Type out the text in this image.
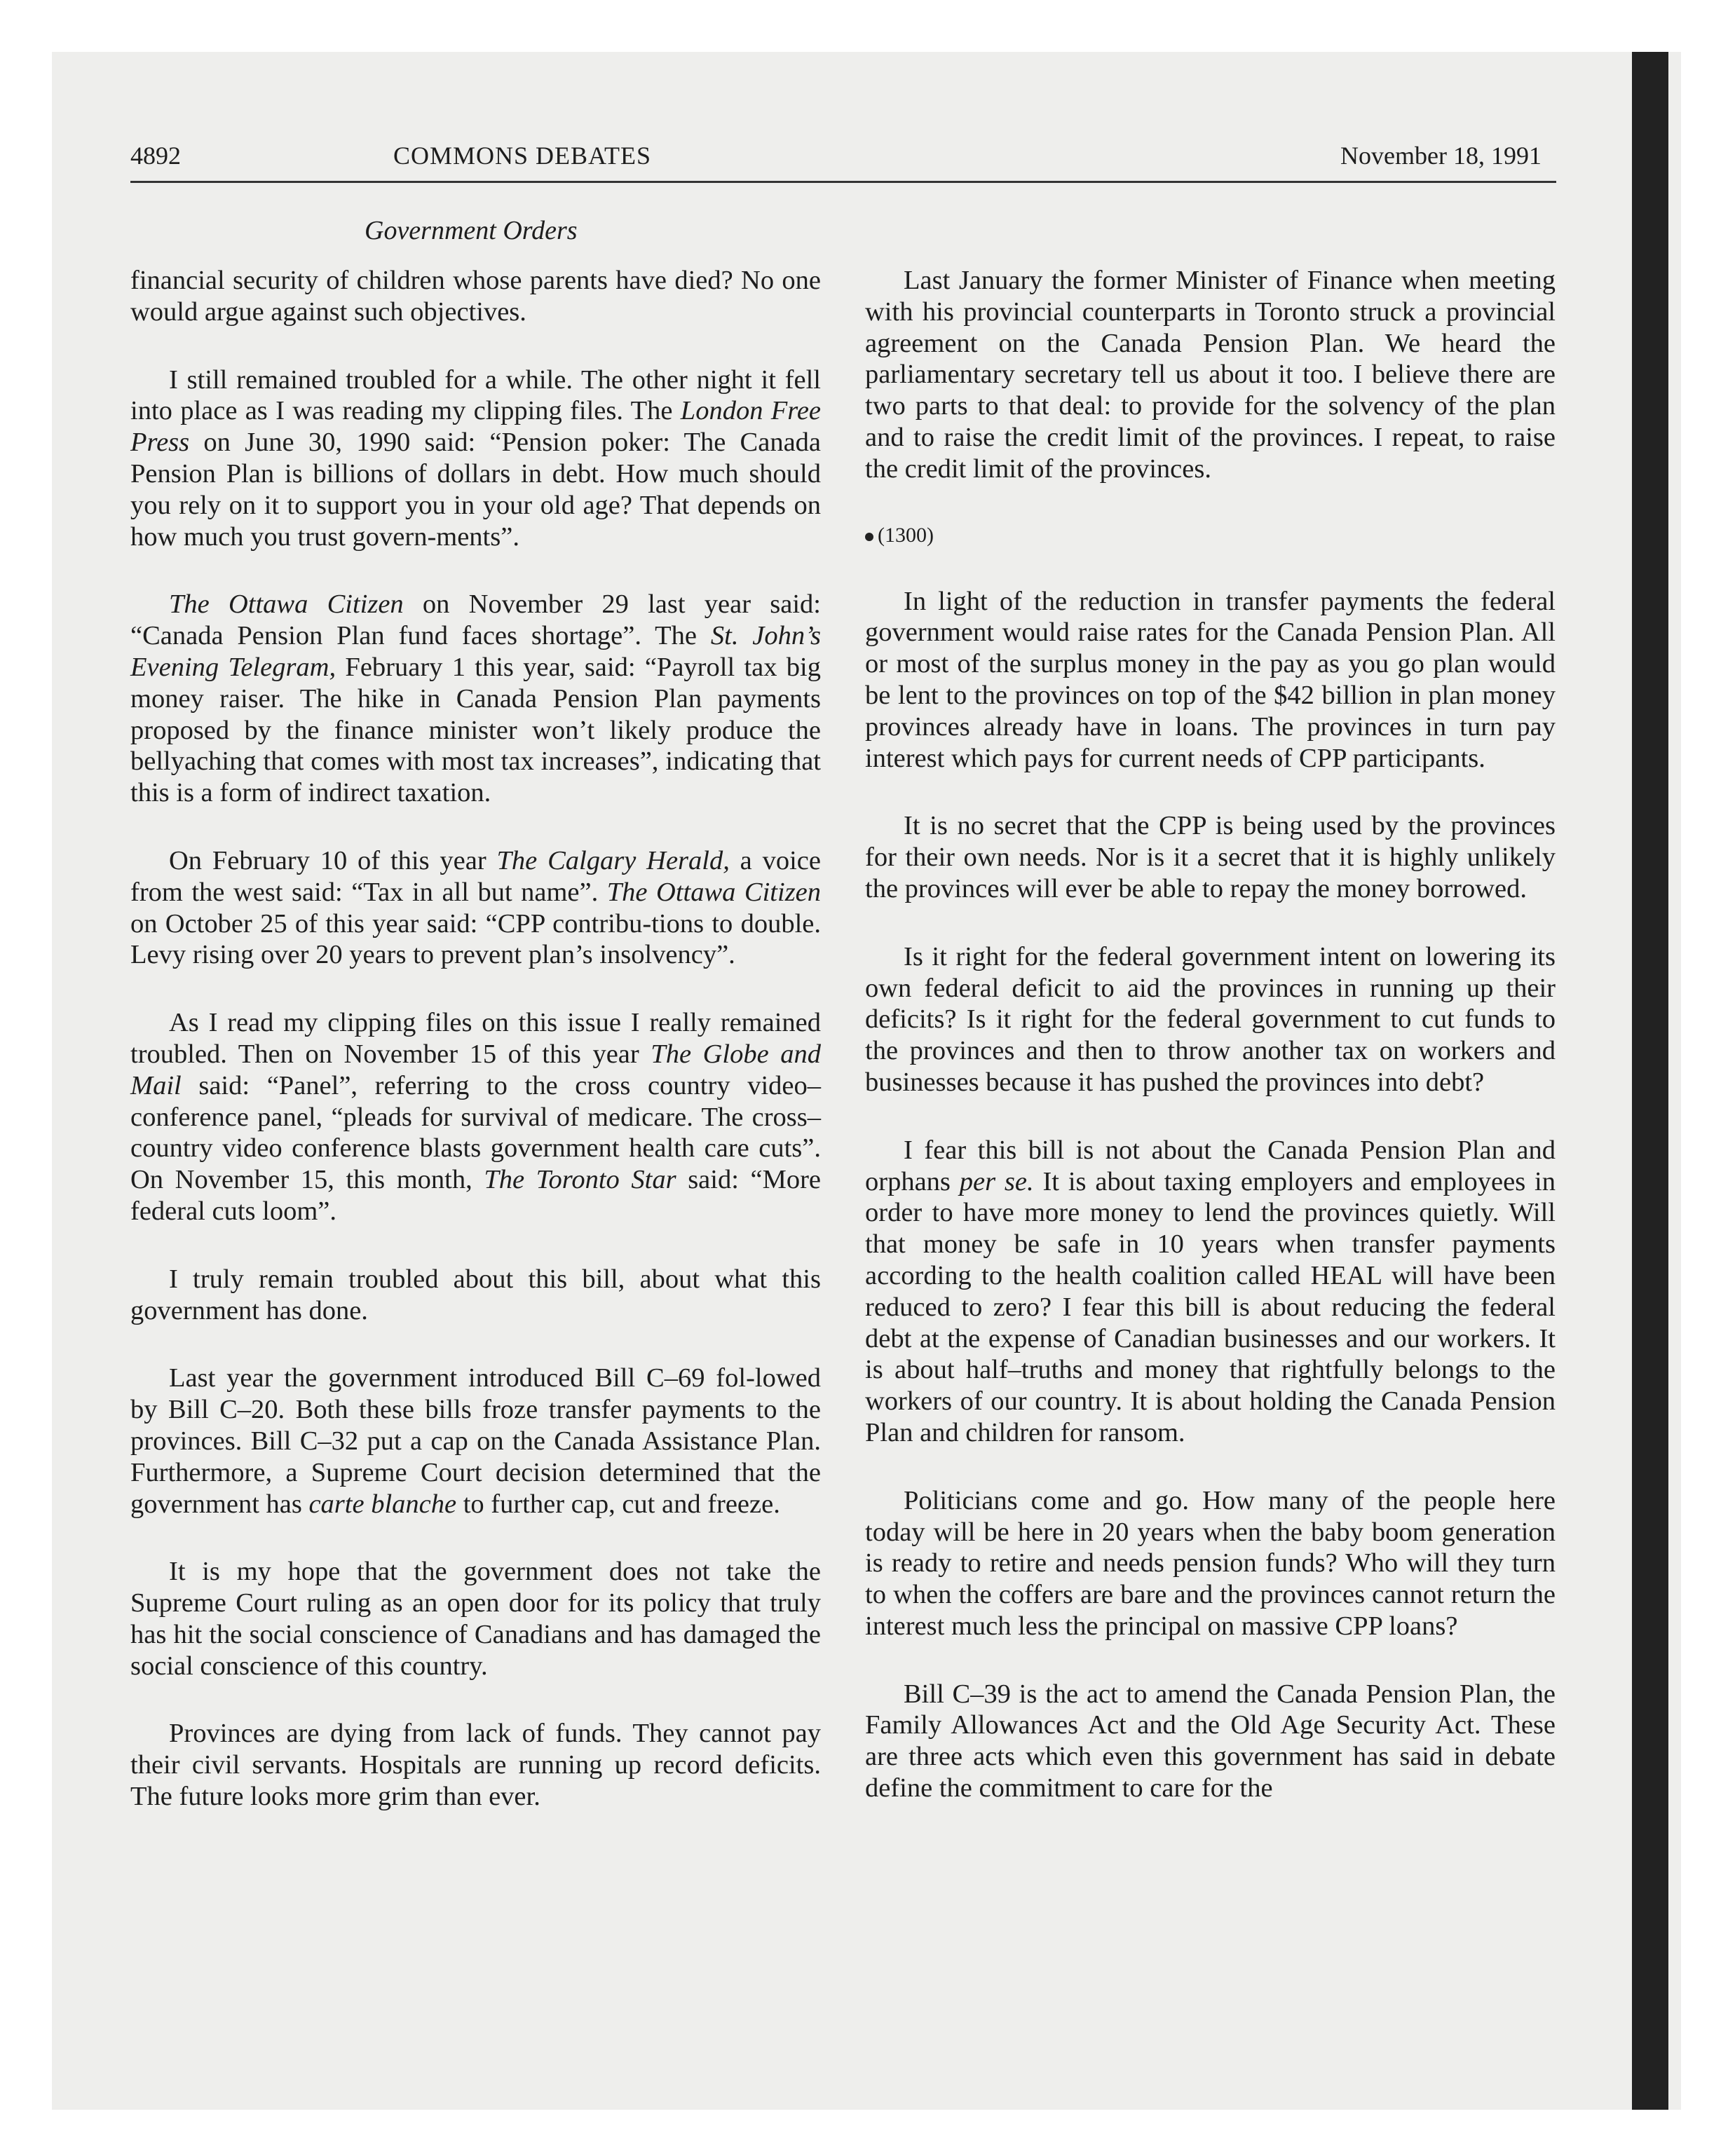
4892	COMMONS DEBATES	November 18, 1991
Government Orders

financial security of children whose parents have died? No one would argue against such objectives.

I still remained troubled for a while. The other night it fell into place as I was reading my clipping files. The London Free Press on June 30, 1990 said: “Pension poker: The Canada Pension Plan is billions of dollars in debt. How much should you rely on it to support you in your old age? That depends on how much you trust govern-ments”.

The Ottawa Citizen on November 29 last year said: “Canada Pension Plan fund faces shortage”. The St. John’s Evening Telegram, February 1 this year, said: “Payroll tax big money raiser. The hike in Canada Pension Plan payments proposed by the finance minister won’t likely produce the bellyaching that comes with most tax increases”, indicating that this is a form of indirect taxation.

On February 10 of this year The Calgary Herald, a voice from the west said: “Tax in all but name”. The Ottawa Citizen on October 25 of this year said: “CPP contribu-tions to double. Levy rising over 20 years to prevent plan’s insolvency”.

As I read my clipping files on this issue I really remained troubled. Then on November 15 of this year The Globe and Mail said: “Panel”, referring to the cross country video–conference panel, “pleads for survival of medicare. The cross–country video conference blasts government health care cuts”. On November 15, this month, The Toronto Star said: “More federal cuts loom”.

I truly remain troubled about this bill, about what this government has done.

Last year the government introduced Bill C–69 fol-lowed by Bill C–20. Both these bills froze transfer payments to the provinces. Bill C–32 put a cap on the Canada Assistance Plan. Furthermore, a Supreme Court decision determined that the government has carte blanche to further cap, cut and freeze.

It is my hope that the government does not take the Supreme Court ruling as an open door for its policy that truly has hit the social conscience of Canadians and has damaged the social conscience of this country.

Provinces are dying from lack of funds. They cannot pay their civil servants. Hospitals are running up record deficits. The future looks more grim than ever.

Last January the former Minister of Finance when meeting with his provincial counterparts in Toronto struck a provincial agreement on the Canada Pension Plan. We heard the parliamentary secretary tell us about it too. I believe there are two parts to that deal: to provide for the solvency of the plan and to raise the credit limit of the provinces. I repeat, to raise the credit limit of the provinces.

(1300)

In light of the reduction in transfer payments the federal government would raise rates for the Canada Pension Plan. All or most of the surplus money in the pay as you go plan would be lent to the provinces on top of the $42 billion in plan money provinces already have in loans. The provinces in turn pay interest which pays for current needs of CPP participants.

It is no secret that the CPP is being used by the provinces for their own needs. Nor is it a secret that it is highly unlikely the provinces will ever be able to repay the money borrowed.

Is it right for the federal government intent on lowering its own federal deficit to aid the provinces in running up their deficits? Is it right for the federal government to cut funds to the provinces and then to throw another tax on workers and businesses because it has pushed the provinces into debt?

I fear this bill is not about the Canada Pension Plan and orphans per se. It is about taxing employers and employees in order to have more money to lend the provinces quietly. Will that money be safe in 10 years when transfer payments according to the health coalition called HEAL will have been reduced to zero? I fear this bill is about reducing the federal debt at the expense of Canadian businesses and our workers. It is about half–truths and money that rightfully belongs to the workers of our country. It is about holding the Canada Pension Plan and children for ransom.

Politicians come and go. How many of the people here today will be here in 20 years when the baby boom generation is ready to retire and needs pension funds? Who will they turn to when the coffers are bare and the provinces cannot return the interest much less the principal on massive CPP loans?

Bill C–39 is the act to amend the Canada Pension Plan, the Family Allowances Act and the Old Age Security Act. These are three acts which even this government has said in debate define the commitment to care for the
